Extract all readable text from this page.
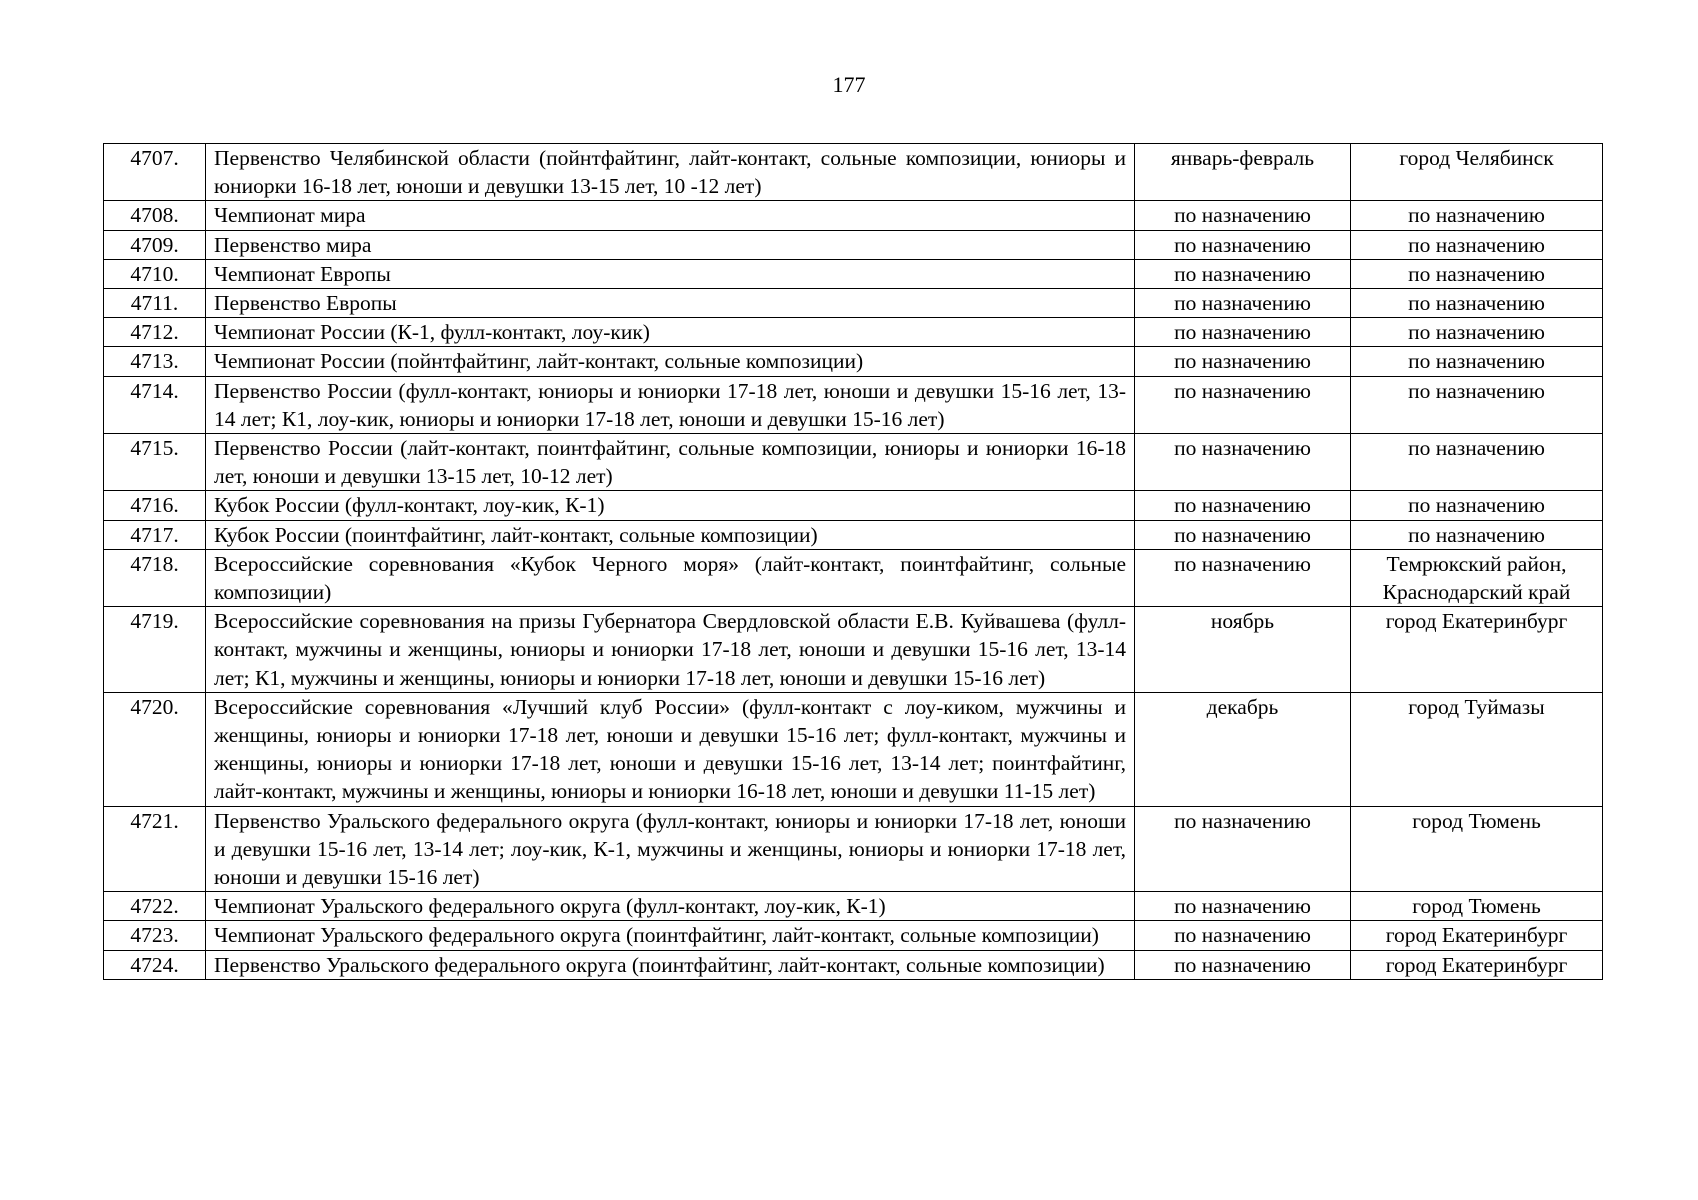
177
4707.	Первенство Челябинской области (пойнтфайтинг, лайт-контакт, сольные композиции, юниоры и юниорки 16-18 лет, юноши и девушки 13-15 лет, 10 -12 лет)	январь-февраль	город Челябинск
4708.	Чемпионат мира	по назначению	по назначению
4709.	Первенство мира	по назначению	по назначению
4710.	Чемпионат Европы	по назначению	по назначению
4711.	Первенство Европы	по назначению	по назначению
4712.	Чемпионат России (К-1, фулл-контакт, лоу-кик)	по назначению	по назначению
4713.	Чемпионат России (пойнтфайтинг, лайт-контакт, сольные композиции)	по назначению	по назначению
4714.	Первенство России (фулл-контакт, юниоры и юниорки 17-18 лет, юноши и девушки 15-16 лет, 13-14 лет; К1, лоу-кик, юниоры и юниорки 17-18 лет, юноши и девушки 15-16 лет)	по назначению	по назначению
4715.	Первенство России (лайт-контакт, поинтфайтинг, сольные композиции, юниоры и юниорки 16-18 лет, юноши и девушки 13-15 лет, 10-12 лет)	по назначению	по назначению
4716.	Кубок России (фулл-контакт, лоу-кик, К-1)	по назначению	по назначению
4717.	Кубок России (поинтфайтинг, лайт-контакт, сольные композиции)	по назначению	по назначению
4718.	Всероссийские соревнования «Кубок Черного моря» (лайт-контакт, поинтфайтинг, сольные композиции)	по назначению	Темрюкский район, Краснодарский край
4719.	Всероссийские соревнования на призы Губернатора Свердловской области Е.В. Куйвашева (фулл-контакт, мужчины и женщины, юниоры и юниорки 17-18 лет, юноши и девушки 15-16 лет, 13-14 лет; К1, мужчины и женщины, юниоры и юниорки 17-18 лет, юноши и девушки 15-16 лет)	ноябрь	город Екатеринбург
4720.	Всероссийские соревнования «Лучший клуб России» (фулл-контакт с лоу-киком, мужчины и женщины, юниоры и юниорки 17-18 лет, юноши и девушки 15-16 лет; фулл-контакт, мужчины и женщины, юниоры и юниорки 17-18 лет, юноши и девушки 15-16 лет, 13-14 лет; поинтфайтинг, лайт-контакт, мужчины и женщины, юниоры и юниорки 16-18 лет, юноши и девушки 11-15 лет)	декабрь	город Туймазы
4721.	Первенство Уральского федерального округа (фулл-контакт, юниоры и юниорки 17-18 лет, юноши и девушки 15-16 лет, 13-14 лет; лоу-кик, К-1, мужчины и женщины, юниоры и юниорки 17-18 лет, юноши и девушки 15-16 лет)	по назначению	город Тюмень
4722.	Чемпионат Уральского федерального округа (фулл-контакт, лоу-кик, К-1)	по назначению	город Тюмень
4723.	Чемпионат Уральского федерального округа (поинтфайтинг, лайт-контакт, сольные композиции)	по назначению	город Екатеринбург
4724.	Первенство Уральского федерального округа (поинтфайтинг, лайт-контакт, сольные композиции)	по назначению	город Екатеринбург
